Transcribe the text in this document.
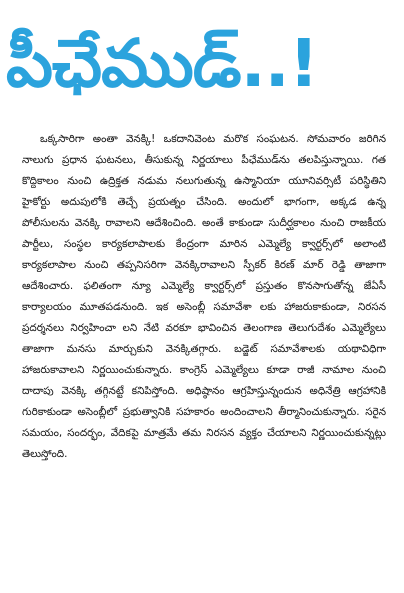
పీఛేముడ్..!

ఒక్కసారిగా అంతా వెనక్కి! ఒకదానివెంట మరొక సంఘటన. సోమవారం జరిగిన నాలుగు ప్రధాన ఘటనలు, తీసుకున్న నిర్ణయాలు పీఛేముడ్‌ను తలపిస్తున్నాయి. గత కొద్దికాలం నుంచి ఉద్రిక్తత నడుమ నలుగుతున్న ఉస్మానియా యూనివర్సిటీ పరిస్థితిని హైకోర్టు అదుపులోకి తెచ్చే ప్రయత్నం చేసింది. అందులో భాగంగా, అక్కడ ఉన్న పోలీసులను వెనక్కి రావాలని ఆదేశించింది. అంతే కాకుండా సుదీర్ఘకాలం నుంచి రాజకీయ పార్టీలు, సంస్థల కార్యకలాపాలకు కేంద్రంగా మారిన ఎమ్మెల్యే క్వార్టర్స్‌లో అలాంటి కార్యకలాపాల నుంచి తప్పనిసరిగా వెనక్కిరావాలని స్పీకర్ కిరణ్ మార్ రెడ్డి తాజాగా ఆదేశించారు. ఫలితంగా న్యూ ఎమ్మెల్యే క్వార్టర్స్‌లో ప్రస్తుతం కొనసాగుతోన్న జేఏసీ కార్యాలయం మూతపడనుంది. ఇక అసెంబ్లీ సమావేశా లకు హాజరుకాకుండా, నిరసన ప్రదర్శనలు నిర్వహించా లని నేటి వరకూ భావించిన తెలంగాణ తెలుగుదేశం ఎమ్మెల్యేలు తాజాగా మనసు మార్చుకుని వెనక్కితగ్గారు. బడ్జెట్ సమావేశాలకు యథావిధిగా హాజరుకావాలని నిర్ణయించుకున్నారు. కాంగ్రెస్ ఎమ్మెల్యేలు కూడా రాజీ నామాల నుంచి దాదాపు వెనక్కి తగ్గినట్టే కనిపిస్తోంది. అధిష్ఠానం ఆగ్రహిస్తున్నందున అధినేత్రి ఆగ్రహానికి గురికాకుండా అసెంబ్లీలో ప్రభుత్వానికి సహకారం అందించాలని తీర్మానించుకున్నారు. సరైన సమయం, సందర్భం, వేదికపై మాత్రమే తమ నిరసన వ్యక్తం చేయాలని నిర్ణయించుకున్నట్లు తెలుస్తోంది.
